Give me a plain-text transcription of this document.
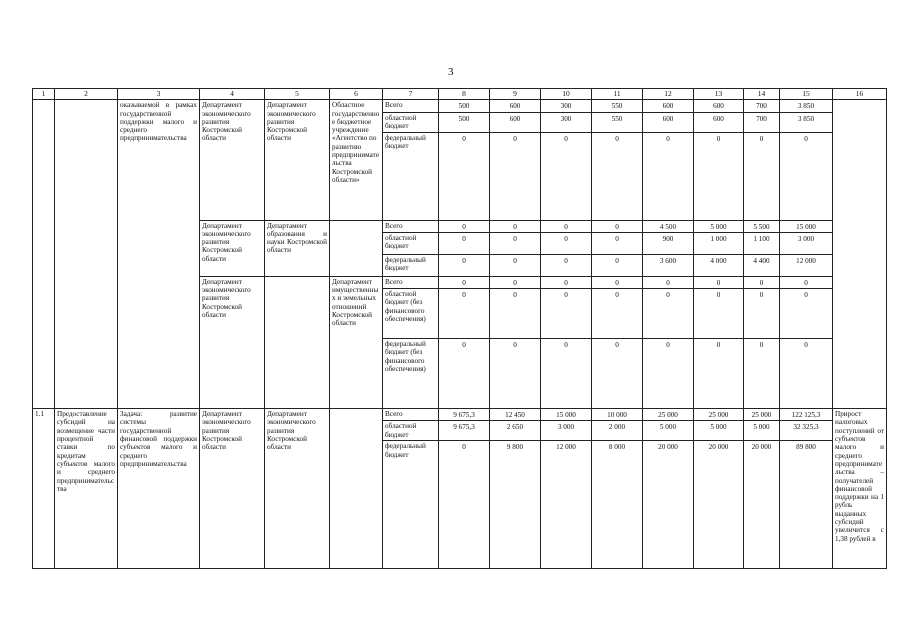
3
1	2	3	4	5	6	7	8	9	10	11	12	13	14	15	16
		оказываемой в рамках государственной поддержки малого и среднего предпринимательства	Департамент экономического развития Костромской области	Департамент экономического развития Костромской области	Областное государственное бюджетное учреждение «Агентство по развитию предпринимательства Костромской области»	Всего	500	600	300	550	600	600	700	3 850	
						областной бюджет	500	600	300	550	600	600	700	3 850	
						федеральный бюджет	0	0	0	0	0	0	0	0	
			Департамент экономического развития Костромской области	Департамент образования и науки Костромской области		Всего	0	0	0	0	4 500	5 000	5 500	15 000	
						областной бюджет	0	0	0	0	900	1 000	1 100	3 000	
						федеральный бюджет	0	0	0	0	3 600	4 000	4 400	12 000	
			Департамент экономического развития Костромской области		Департамент имущественных и земельных отношений Костромской области	Всего	0	0	0	0	0	0	0	0	
						областной бюджет (без финансового обеспечения)	0	0	0	0	0	0	0	0	
						федеральный бюджет (без финансового обеспечения)	0	0	0	0	0	0	0	0	
1.1	Предоставление субсидий на возмещение части процентной ставки по кредитам субъектов малого и среднего предпринимательства	Задача: развитие системы государственной финансовой поддержки субъектов малого и среднего предпринимательства	Департамент экономического развития Костромской области	Департамент экономического развития Костромской области		Всего	9 675,3	12 450	15 000	10 000	25 000	25 000	25 000	122 125,3	Прирост налоговых поступлений от субъектов малого и среднего предпринимательства – получателей финансовой поддержки на 1 рубль выданных субсидий увеличится с 1,38 рублей в
						областной бюджет	9 675,3	2 650	3 000	2 000	5 000	5 000	5 000	32 325,3	
						федеральный бюджет	0	9 800	12 000	8 000	20 000	20 000	20 000	89 800	
